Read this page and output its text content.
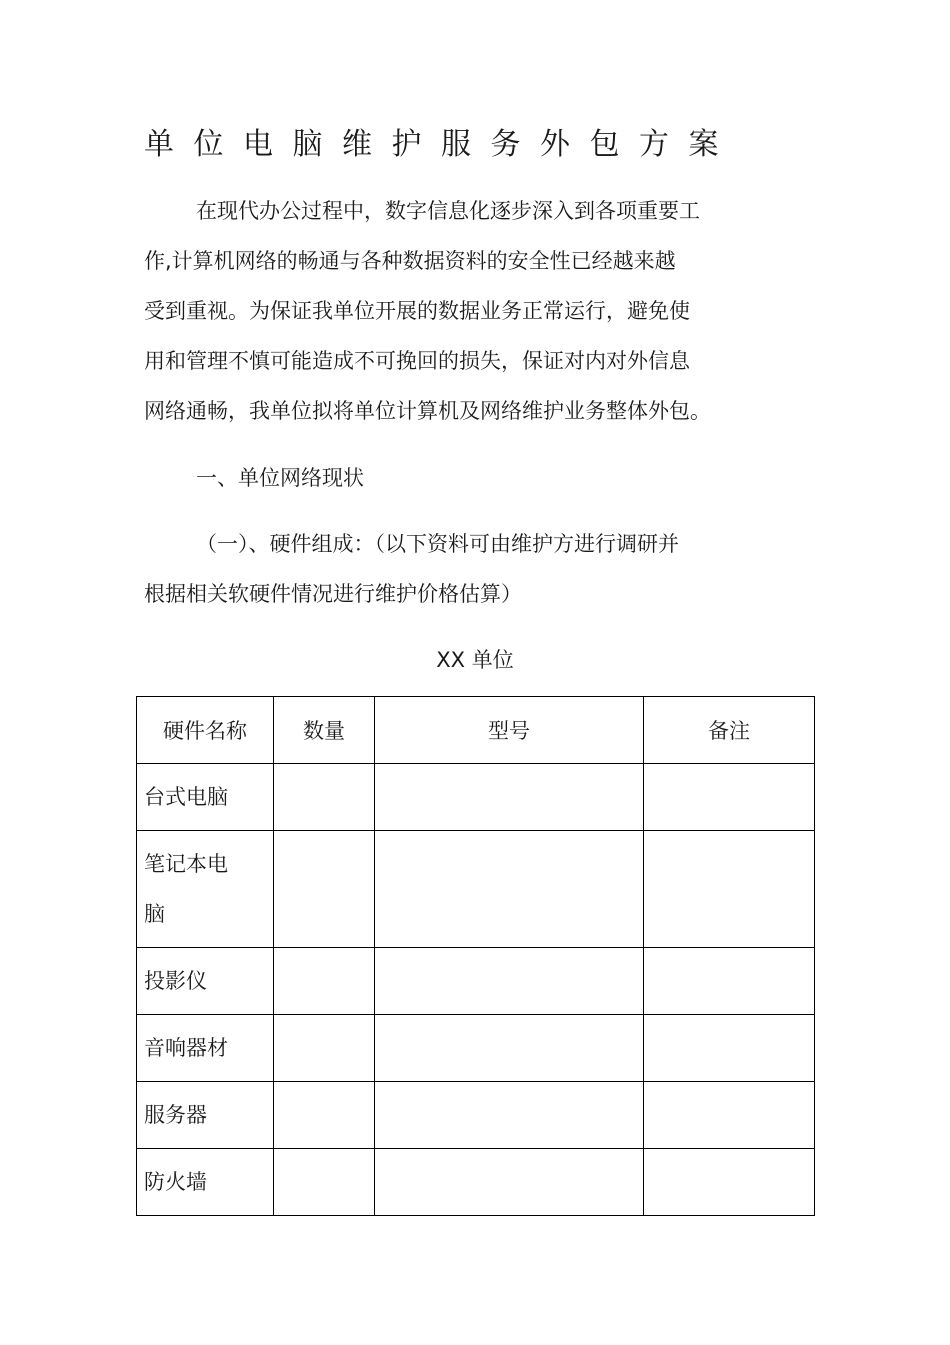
单位电脑维护服务外包方案
在现代办公过程中，数字信息化逐步深入到各项重要工
作,计算机网络的畅通与各种数据资料的安全性已经越来越
受到重视。为保证我单位开展的数据业务正常运行，避免使
用和管理不慎可能造成不可挽回的损失，保证对内对外信息
网络通畅，我单位拟将单位计算机及网络维护业务整体外包。

一、单位网络现状

（一）、硬件组成：（以下资料可由维护方进行调研并
根据相关软硬件情况进行维护价格估算）

XX 单位

硬件名称	数量	型号	备注
台式电脑			

笔记本电
脑			

投影仪			
音响器材			
服务器			
防火墙			
